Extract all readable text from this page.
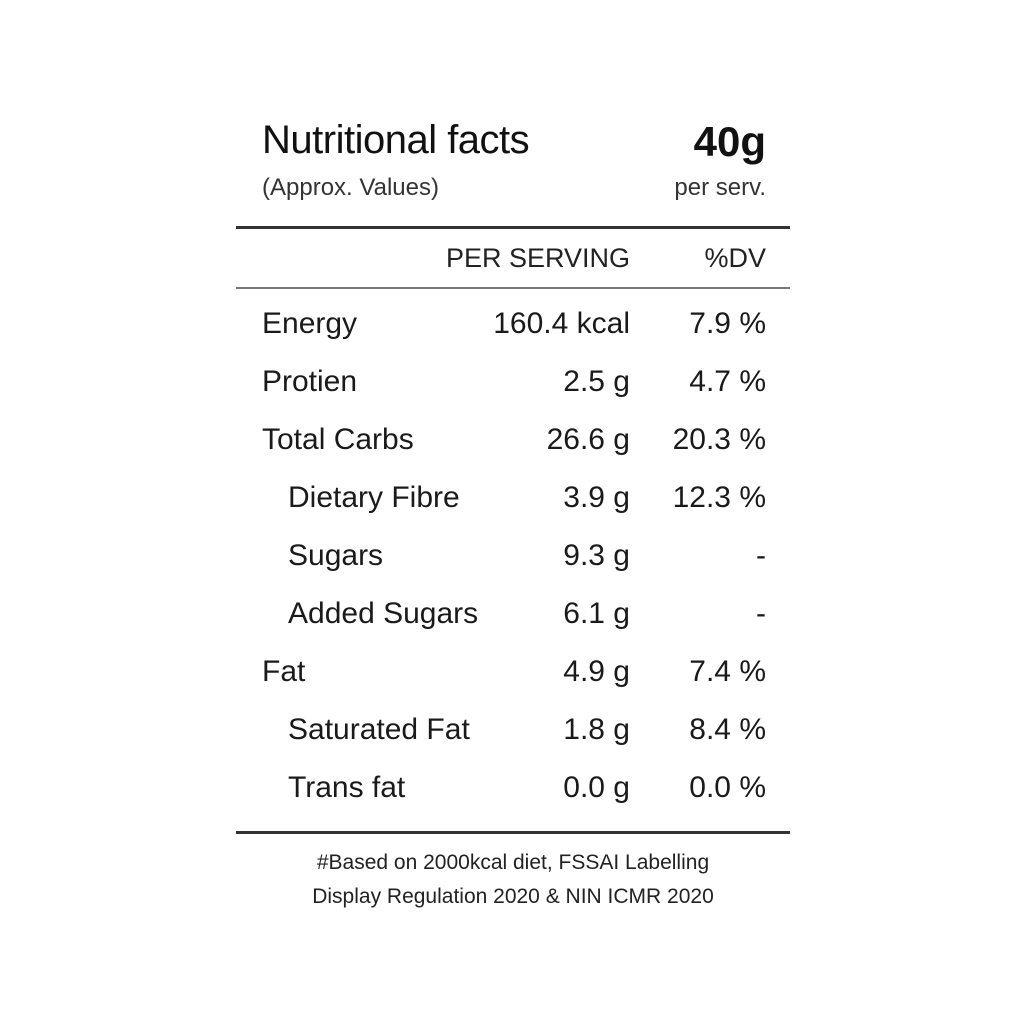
Nutritional facts
(Approx. Values)
40g
per serv.
PER SERVING	%DV
Energy	160.4 kcal 7.9 %
Protien	2.5 g 4.7 %
Total Carbs	26.6 g 20.3 %
Dietary Fibre	3.9 g 12.3 %
Sugars	9.3 g	-
Added Sugars	6.1 g	-
Fat	4.9 g 7.4 %
Saturated Fat	1.8 g 8.4 %
Trans fat	0.0 g 0.0 %
#Based on 2000kcal diet, FSSAI Labelling
Display Regulation 2020 & NIN ICMR 2020
